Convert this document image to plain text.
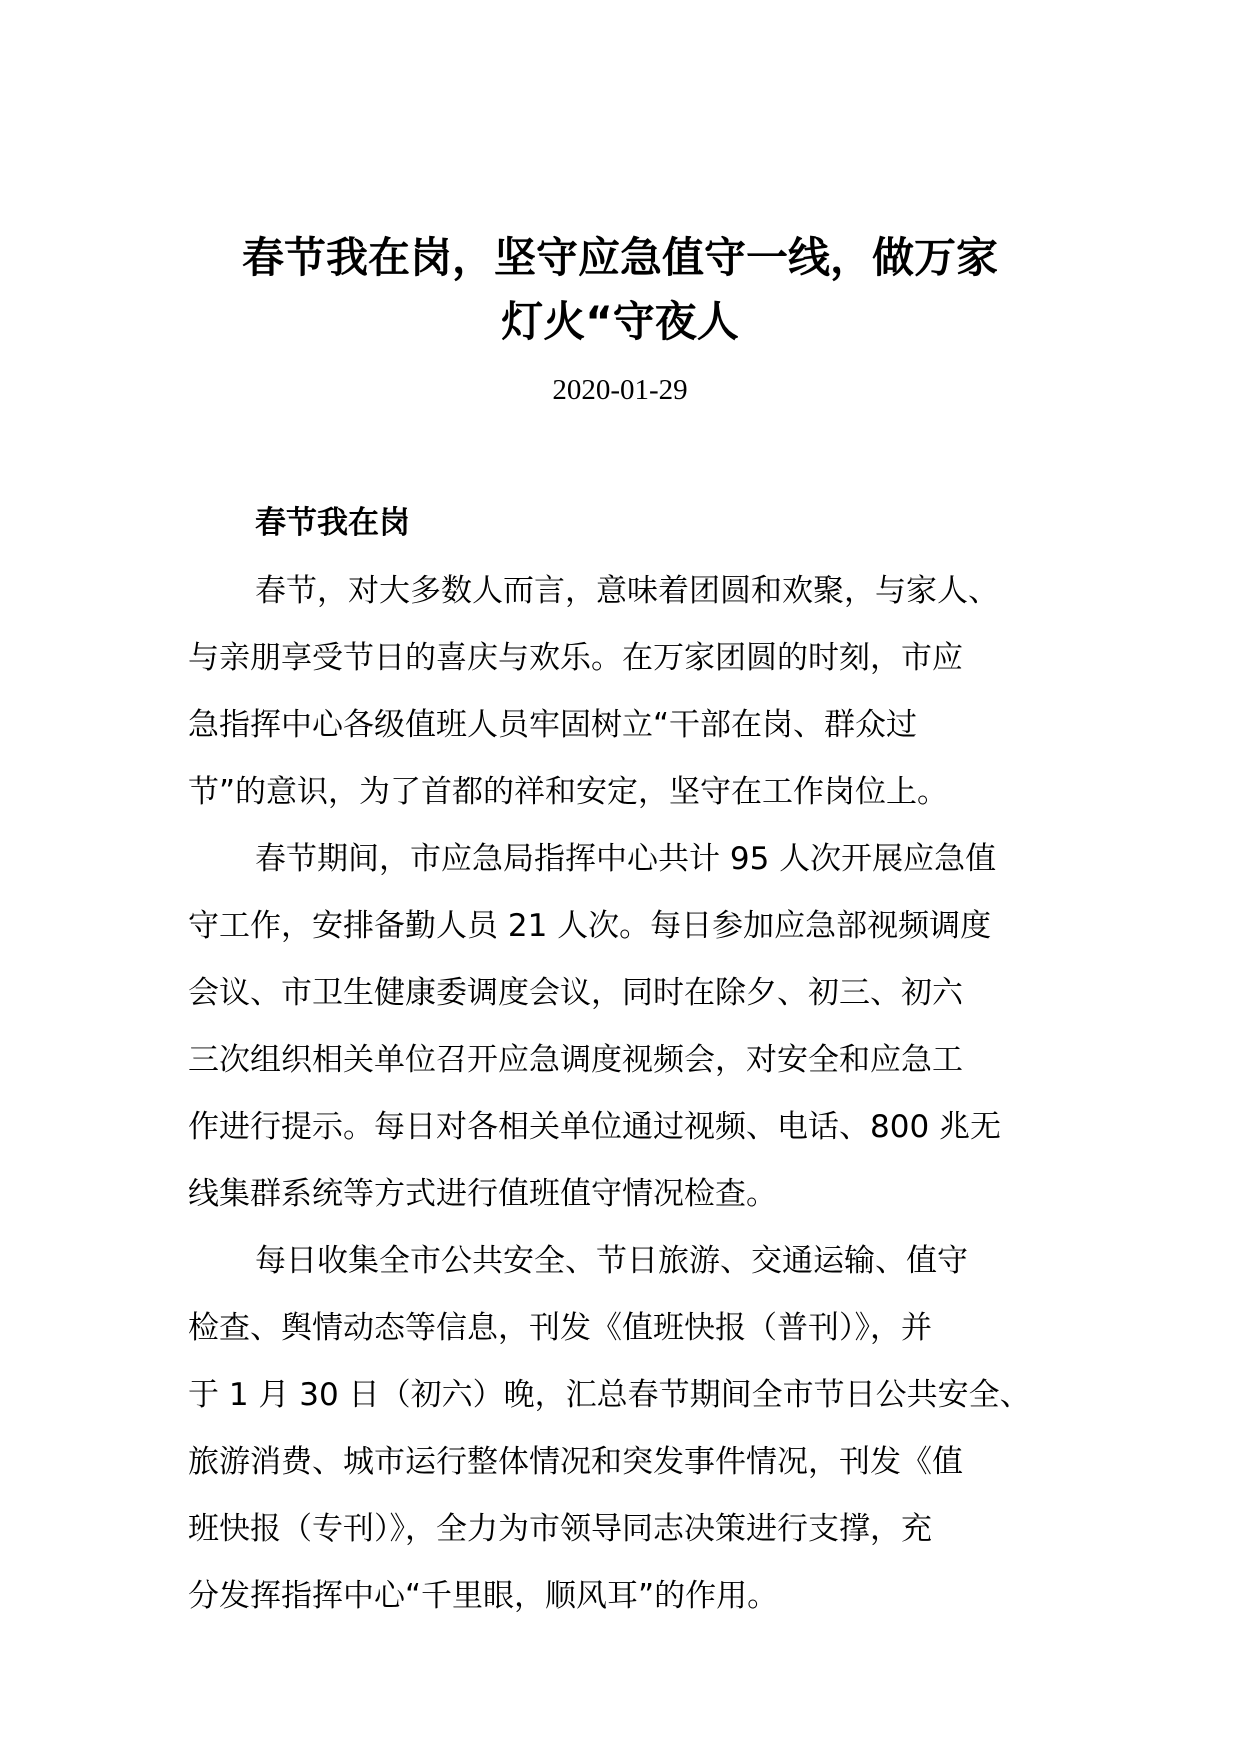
春节我在岗，坚守应急值守一线，做万家
灯火“守夜人
2020-01-29
春节我在岗
春节，对大多数人而言，意味着团圆和欢聚，与家人、
与亲朋享受节日的喜庆与欢乐。在万家团圆的时刻，市应
急指挥中心各级值班人员牢固树立“干部在岗、群众过
节”的意识，为了首都的祥和安定，坚守在工作岗位上。
春节期间，市应急局指挥中心共计 95 人次开展应急值
守工作，安排备勤人员 21 人次。每日参加应急部视频调度
会议、市卫生健康委调度会议，同时在除夕、初三、初六
三次组织相关单位召开应急调度视频会，对安全和应急工
作进行提示。每日对各相关单位通过视频、电话、800 兆无
线集群系统等方式进行值班值守情况检查。
每日收集全市公共安全、节日旅游、交通运输、值守
检查、舆情动态等信息，刊发《值班快报（普刊）》，并
于 1 月 30 日（初六）晚，汇总春节期间全市节日公共安全、
旅游消费、城市运行整体情况和突发事件情况，刊发《值
班快报（专刊）》，全力为市领导同志决策进行支撑，充
分发挥指挥中心“千里眼，顺风耳”的作用。
